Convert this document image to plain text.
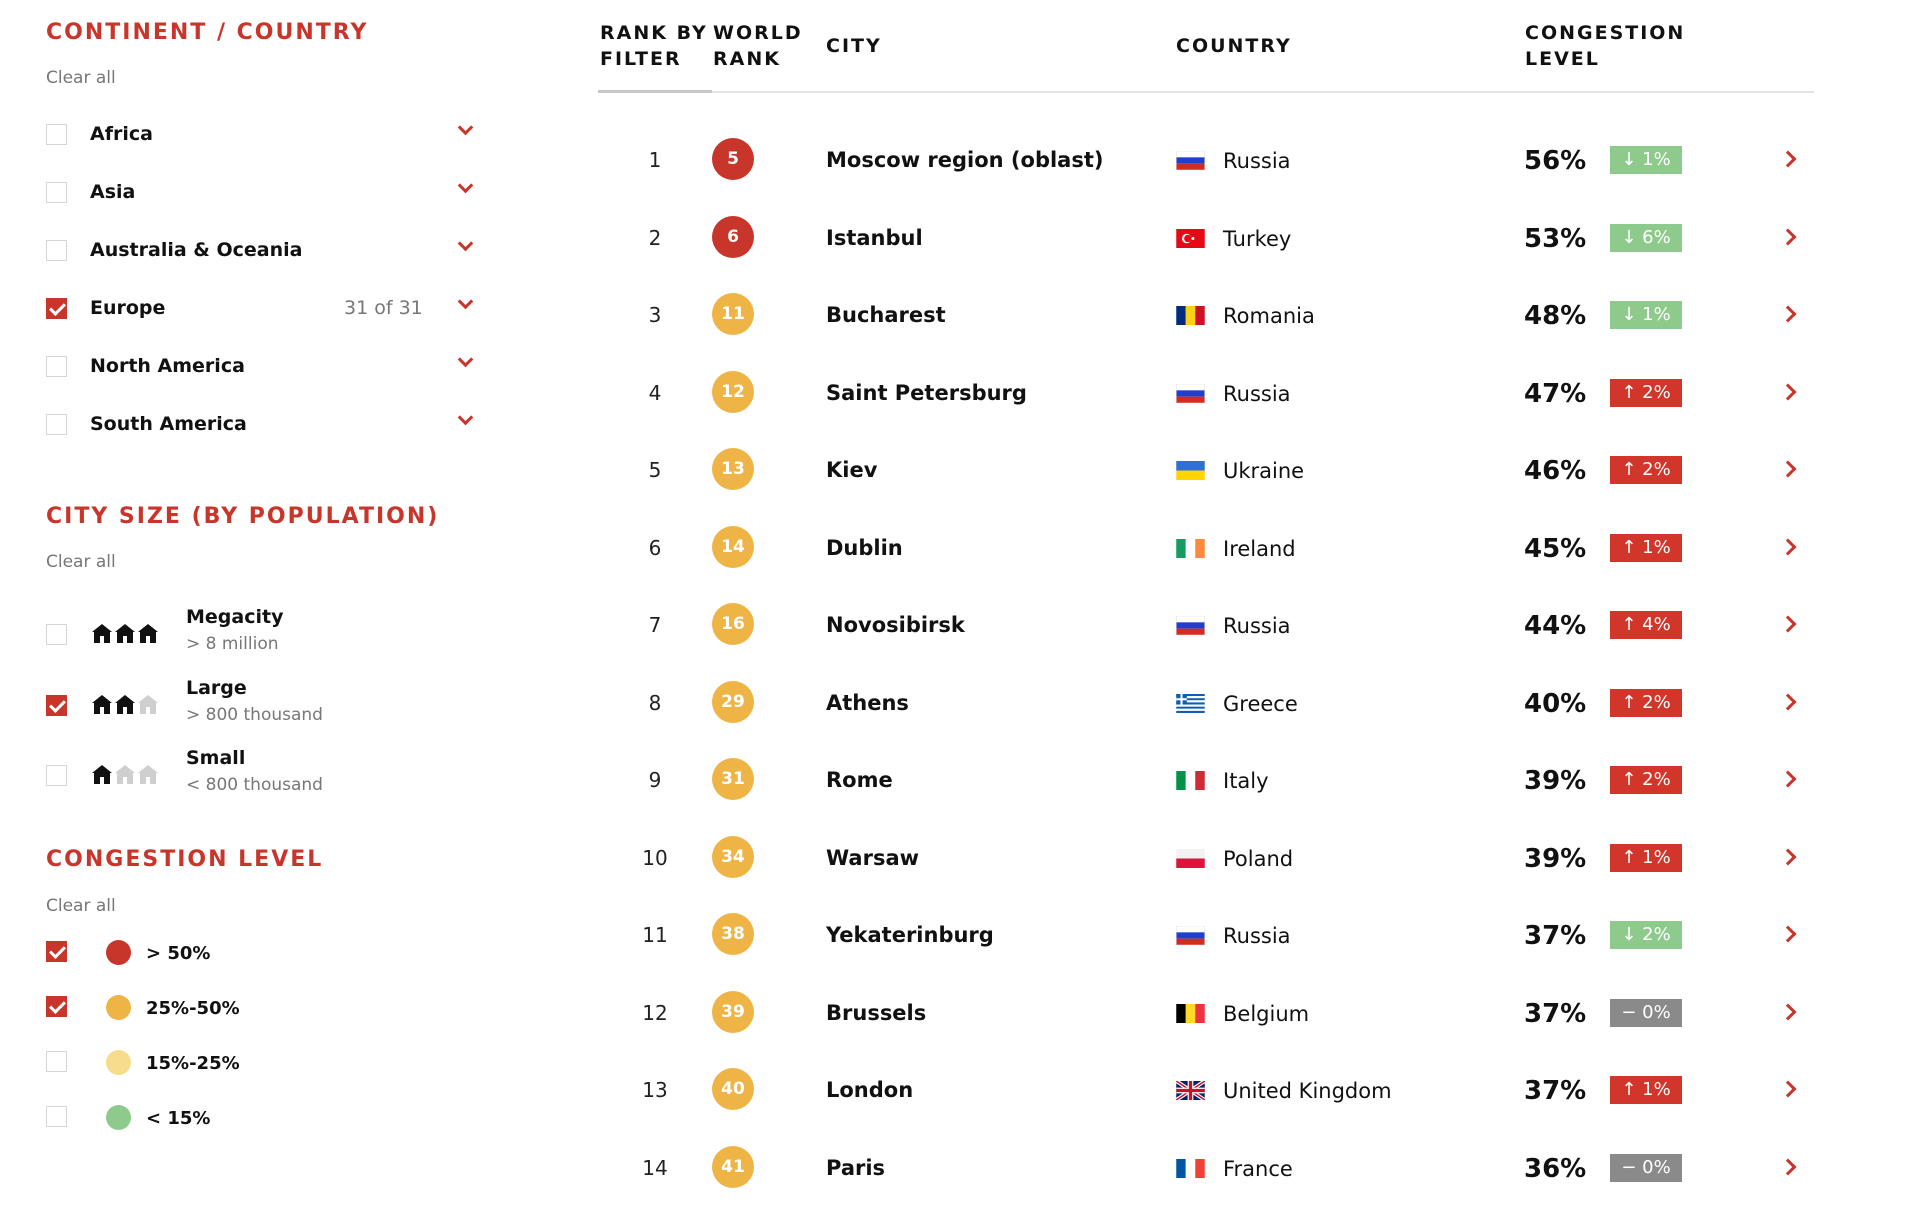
CONTINENT / COUNTRY
Clear all
Africa
Asia
Australia & Oceania
Europe	31 of 31
North America
South America
CITY SIZE (BY POPULATION)
Clear all
Megacity
> 8 million
Large
> 800 thousand
Small
< 800 thousand
CONGESTION LEVEL
Clear all
> 50%
25%-50%
15%-25%
< 15%
RANK BY
FILTER
WORLD
RANK
CITY	COUNTRY
CONGESTION
LEVEL
1	5	Moscow region (oblast)	Russia	56%	↓ 1%
2	6	Istanbul	Turkey	53%	↓ 6%
3	11	Bucharest	Romania	48%	↓ 1%
4	12	Saint Petersburg	Russia	47%	↑ 2%
5	13	Kiev	Ukraine	46%	↑ 2%
6	14	Dublin	Ireland	45%	↑ 1%
7	16	Novosibirsk	Russia	44%	↑ 4%
8	29	Athens	Greece	40%	↑ 2%
9	31	Rome	Italy	39%	↑ 2%
10	34	Warsaw	Poland	39%	↑ 1%
11	38	Yekaterinburg	Russia	37%	↓ 2%
12	39	Brussels	Belgium	37%	− 0%
13	40	London	United Kingdom	37%	↑ 1%
14	41	Paris	France	36%	− 0%
